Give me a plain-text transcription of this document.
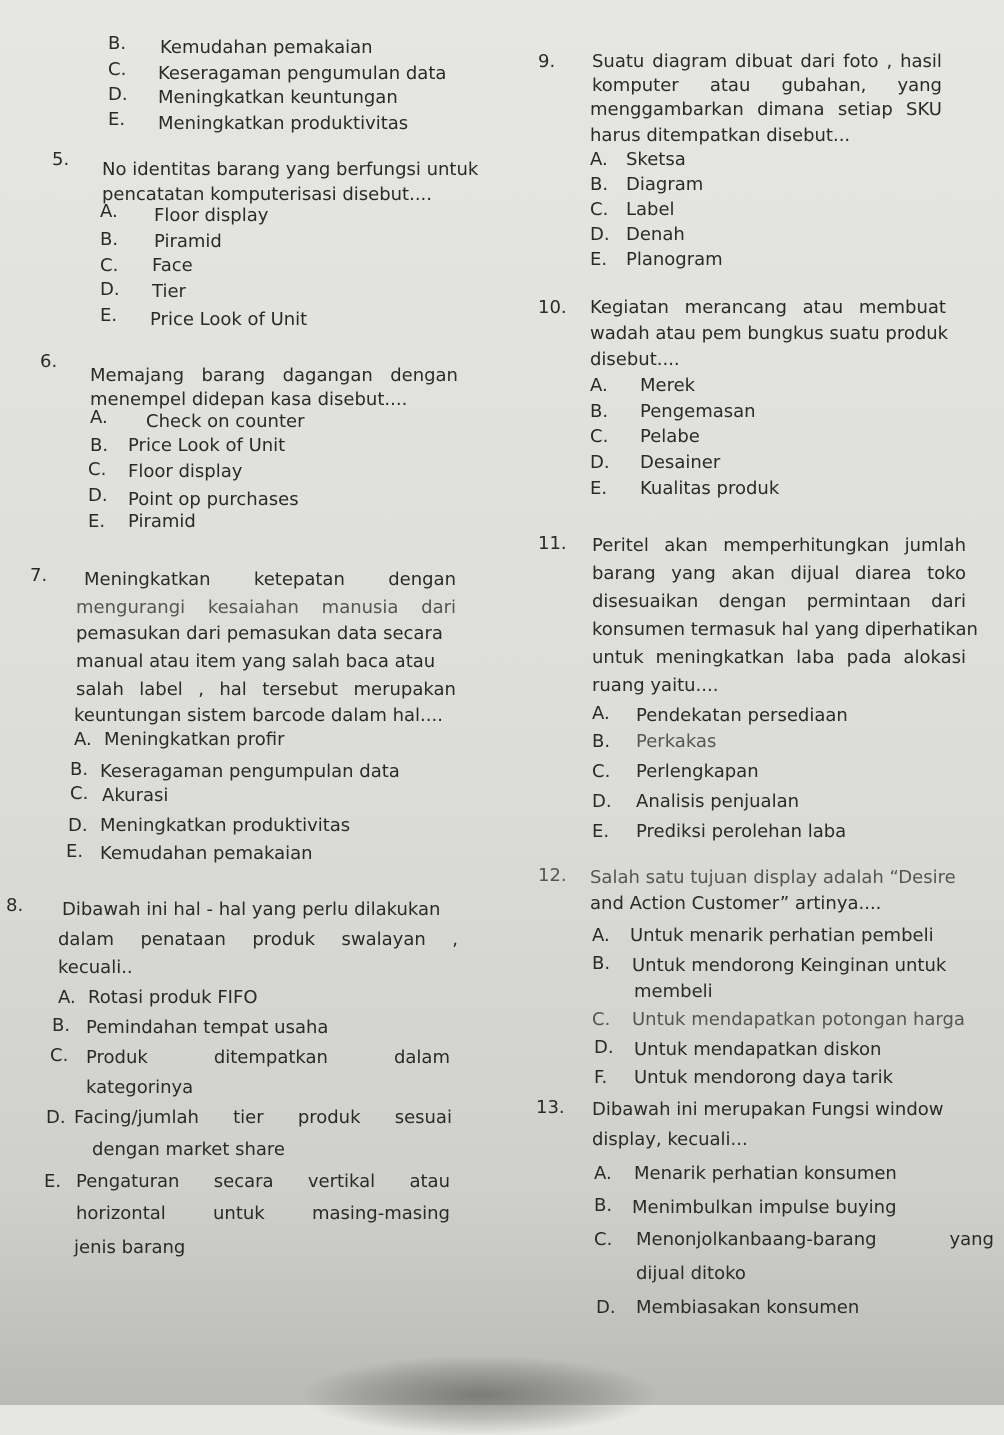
B. Kemudahan pemakaian
C. Keseragaman pengumulan data
D. Meningkatkan keuntungan
E. Meningkatkan produktivitas
5. No identitas barang yang berfungsi untuk
pencatatan komputerisasi disebut....
A. Floor display
B. Piramid
C. Face
D. Tier
E. Price Look of Unit
6.
Memajang barang dagangan dengan
menempel didepan kasa disebut....
A. Check on counter
B. Price Look of Unit
C. Floor display
D. Point op purchases
E. Piramid
7. Meningkatkan ketepatan dengan
mengurangi kesaiahan manusia dari
pemasukan dari pemasukan data secara
manual atau item yang salah baca atau
salah label , hal tersebut merupakan
keuntungan sistem barcode dalam hal....
A. Meningkatkan profir
B. Keseragaman pengumpulan data
C. Akurasi
D. Meningkatkan produktivitas
E. Kemudahan pemakaian
8. Dibawah ini hal - hal yang perlu dilakukan
dalam penataan produk swalayan ,
kecuali..
A. Rotasi produk FIFO
B. Pemindahan tempat usaha
C. Produk	ditempatkan	dalam
kategorinya
D. Facing/jumlah tier produk sesuai
dengan market share
E. Pengaturan secara vertikal atau
horizontal	untuk	masing-masing
jenis barang
9. Suatu diagram dibuat dari foto , hasil
komputer atau gubahan, yang
menggambarkan dimana setiap SKU
harus ditempatkan disebut...
A. Sketsa
B. Diagram
C. Label
D. Denah
E. Planogram
10. Kegiatan merancang atau membuat
wadah atau pem bungkus suatu produk
disebut....
A. Merek
B. Pengemasan
C. Pelabe
D. Desainer
E. Kualitas produk
11. Peritel akan memperhitungkan jumlah
barang yang akan dijual diarea toko
disesuaikan dengan permintaan dari
konsumen termasuk hal yang diperhatikan
untuk meningkatkan laba pada alokasi
ruang yaitu....
A. Pendekatan persediaan
B. Perkakas
C. Perlengkapan
D. Analisis penjualan
E. Prediksi perolehan laba
12. Salah satu tujuan display adalah “Desire
and Action Customer” artinya....
A. Untuk menarik perhatian pembeli
B. Untuk mendorong Keinginan untuk
membeli
C. Untuk mendapatkan potongan harga
D. Untuk mendapatkan diskon
F. Untuk mendorong daya tarik
13. Dibawah ini merupakan Fungsi window
display, kecuali...
A. Menarik perhatian konsumen
B. Menimbulkan impulse buying
C. Menonjolkanbaang-barang	yang
dijual ditoko
D. Membiasakan konsumen
